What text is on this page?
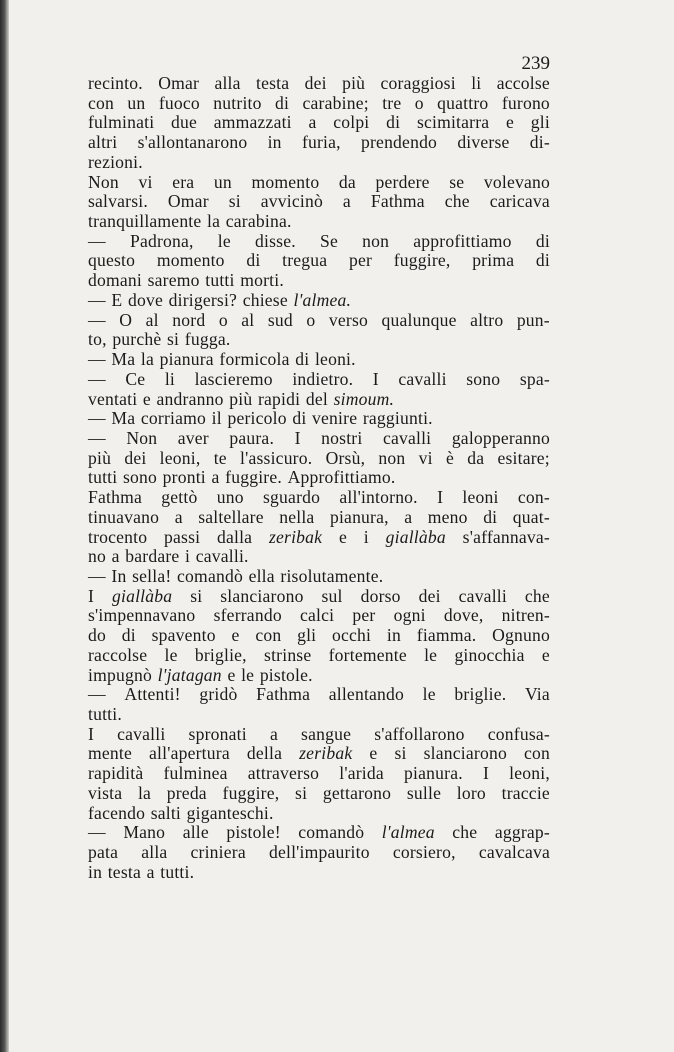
239
recinto. Omar alla testa dei più coraggiosi li accolse
con un fuoco nutrito di carabine; tre o quattro furono
fulminati due ammazzati a colpi di scimitarra e gli
altri s'allontanarono in furia, prendendo diverse di-
rezioni.
Non vi era un momento da perdere se volevano
salvarsi. Omar si avvicinò a Fathma che caricava
tranquillamente la carabina.
— Padrona, le disse. Se non approfittiamo di
questo momento di tregua per fuggire, prima di
domani saremo tutti morti.
— E dove dirigersi? chiese l'almea.
— O al nord o al sud o verso qualunque altro pun-
to, purchè si fugga.
— Ma la pianura formicola di leoni.
— Ce li lascieremo indietro. I cavalli sono spa-
ventati e andranno più rapidi del simoum.
— Ma corriamo il pericolo di venire raggiunti.
— Non aver paura. I nostri cavalli galopperanno
più dei leoni, te l'assicuro. Orsù, non vi è da esitare;
tutti sono pronti a fuggire. Approfittiamo.
Fathma gettò uno sguardo all'intorno. I leoni con-
tinuavano a saltellare nella pianura, a meno di quat-
trocento passi dalla zeribak e i giallàba s'affannava-
no a bardare i cavalli.
— In sella! comandò ella risolutamente.
I giallàba si slanciarono sul dorso dei cavalli che
s'impennavano sferrando calci per ogni dove, nitren-
do di spavento e con gli occhi in fiamma. Ognuno
raccolse le briglie, strinse fortemente le ginocchia e
impugnò l'jatagan e le pistole.
— Attenti! gridò Fathma allentando le briglie. Via
tutti.
I cavalli spronati a sangue s'affollarono confusa-
mente all'apertura della zeribak e si slanciarono con
rapidità fulminea attraverso l'arida pianura. I leoni,
vista la preda fuggire, si gettarono sulle loro traccie
facendo salti giganteschi.
— Mano alle pistole! comandò l'almea che aggrap-
pata alla criniera dell'impaurito corsiero, cavalcava
in testa a tutti.
